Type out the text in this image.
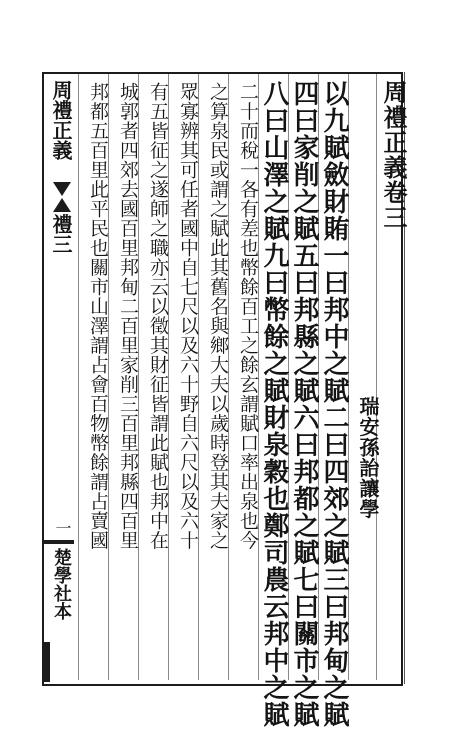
周禮正義卷三
瑞安孫詒讓學
以九賦斂財賄一曰邦中之賦二曰四郊之賦三曰邦甸之賦
四曰家削之賦五曰邦縣之賦六曰邦都之賦七曰關市之賦
八曰山澤之賦九曰幣餘之賦財泉穀也鄭司農云邦中之賦
二十而稅一各有差也幣餘百工之餘玄謂賦口率出泉也今
之算泉民或謂之賦此其舊名與鄉大夫以歲時登其夫家之
眾寡辨其可任者國中自七尺以及六十野自六尺以及六十
有五皆征之遂師之職亦云以徵其財征皆謂此賦也邦中在
城郭者四郊去國百里邦甸二百里家削三百里邦縣四百里
邦都五百里此平民也關市山澤謂占會百物幣餘謂占賣國
周禮正義
禮三
楚學社本
一
